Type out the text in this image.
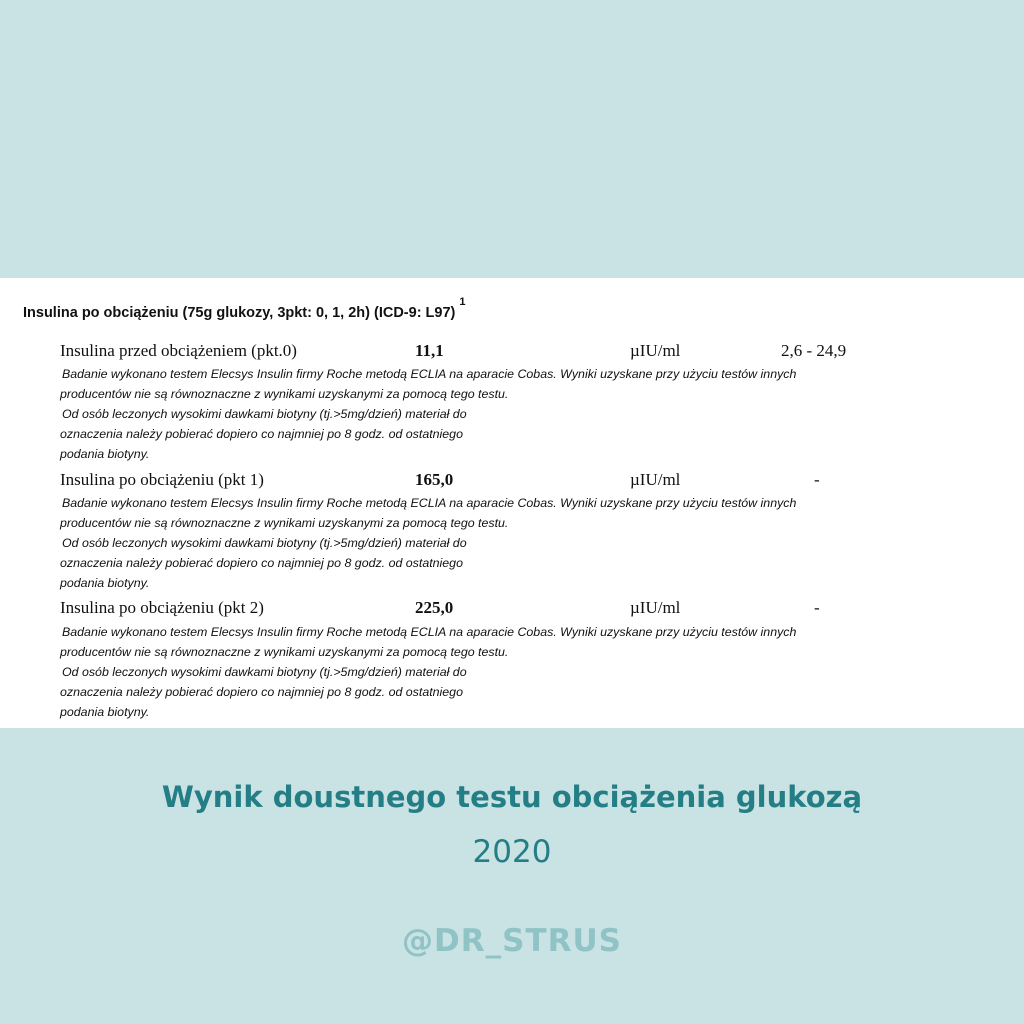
Insulina po obciążeniu (75g glukozy, 3pkt: 0, 1, 2h) (ICD-9: L97)$^1$
Insulina przed obciążeniem (pkt.0)	11,1	µIU/ml	2,6 - 24,9
Badanie wykonano testem Elecsys Insulin firmy Roche metodą ECLIA na aparacie Cobas. Wyniki uzyskane przy użyciu testów innych
producentów nie są równoznaczne z wynikami uzyskanymi za pomocą tego testu.
Od osób leczonych wysokimi dawkami biotyny (tj.>5mg/dzień) materiał do
oznaczenia należy pobierać dopiero co najmniej po 8 godz. od ostatniego
podania biotyny.
Insulina po obciążeniu (pkt 1)	165,0	µIU/ml	-
Badanie wykonano testem Elecsys Insulin firmy Roche metodą ECLIA na aparacie Cobas. Wyniki uzyskane przy użyciu testów innych
producentów nie są równoznaczne z wynikami uzyskanymi za pomocą tego testu.
Od osób leczonych wysokimi dawkami biotyny (tj.>5mg/dzień) materiał do
oznaczenia należy pobierać dopiero co najmniej po 8 godz. od ostatniego
podania biotyny.
Insulina po obciążeniu (pkt 2)	225,0	µIU/ml	-
Badanie wykonano testem Elecsys Insulin firmy Roche metodą ECLIA na aparacie Cobas. Wyniki uzyskane przy użyciu testów innych
producentów nie są równoznaczne z wynikami uzyskanymi za pomocą tego testu.
Od osób leczonych wysokimi dawkami biotyny (tj.>5mg/dzień) materiał do
oznaczenia należy pobierać dopiero co najmniej po 8 godz. od ostatniego
podania biotyny.
Wynik doustnego testu obciążenia glukozą
2020
@DR_STRUS
